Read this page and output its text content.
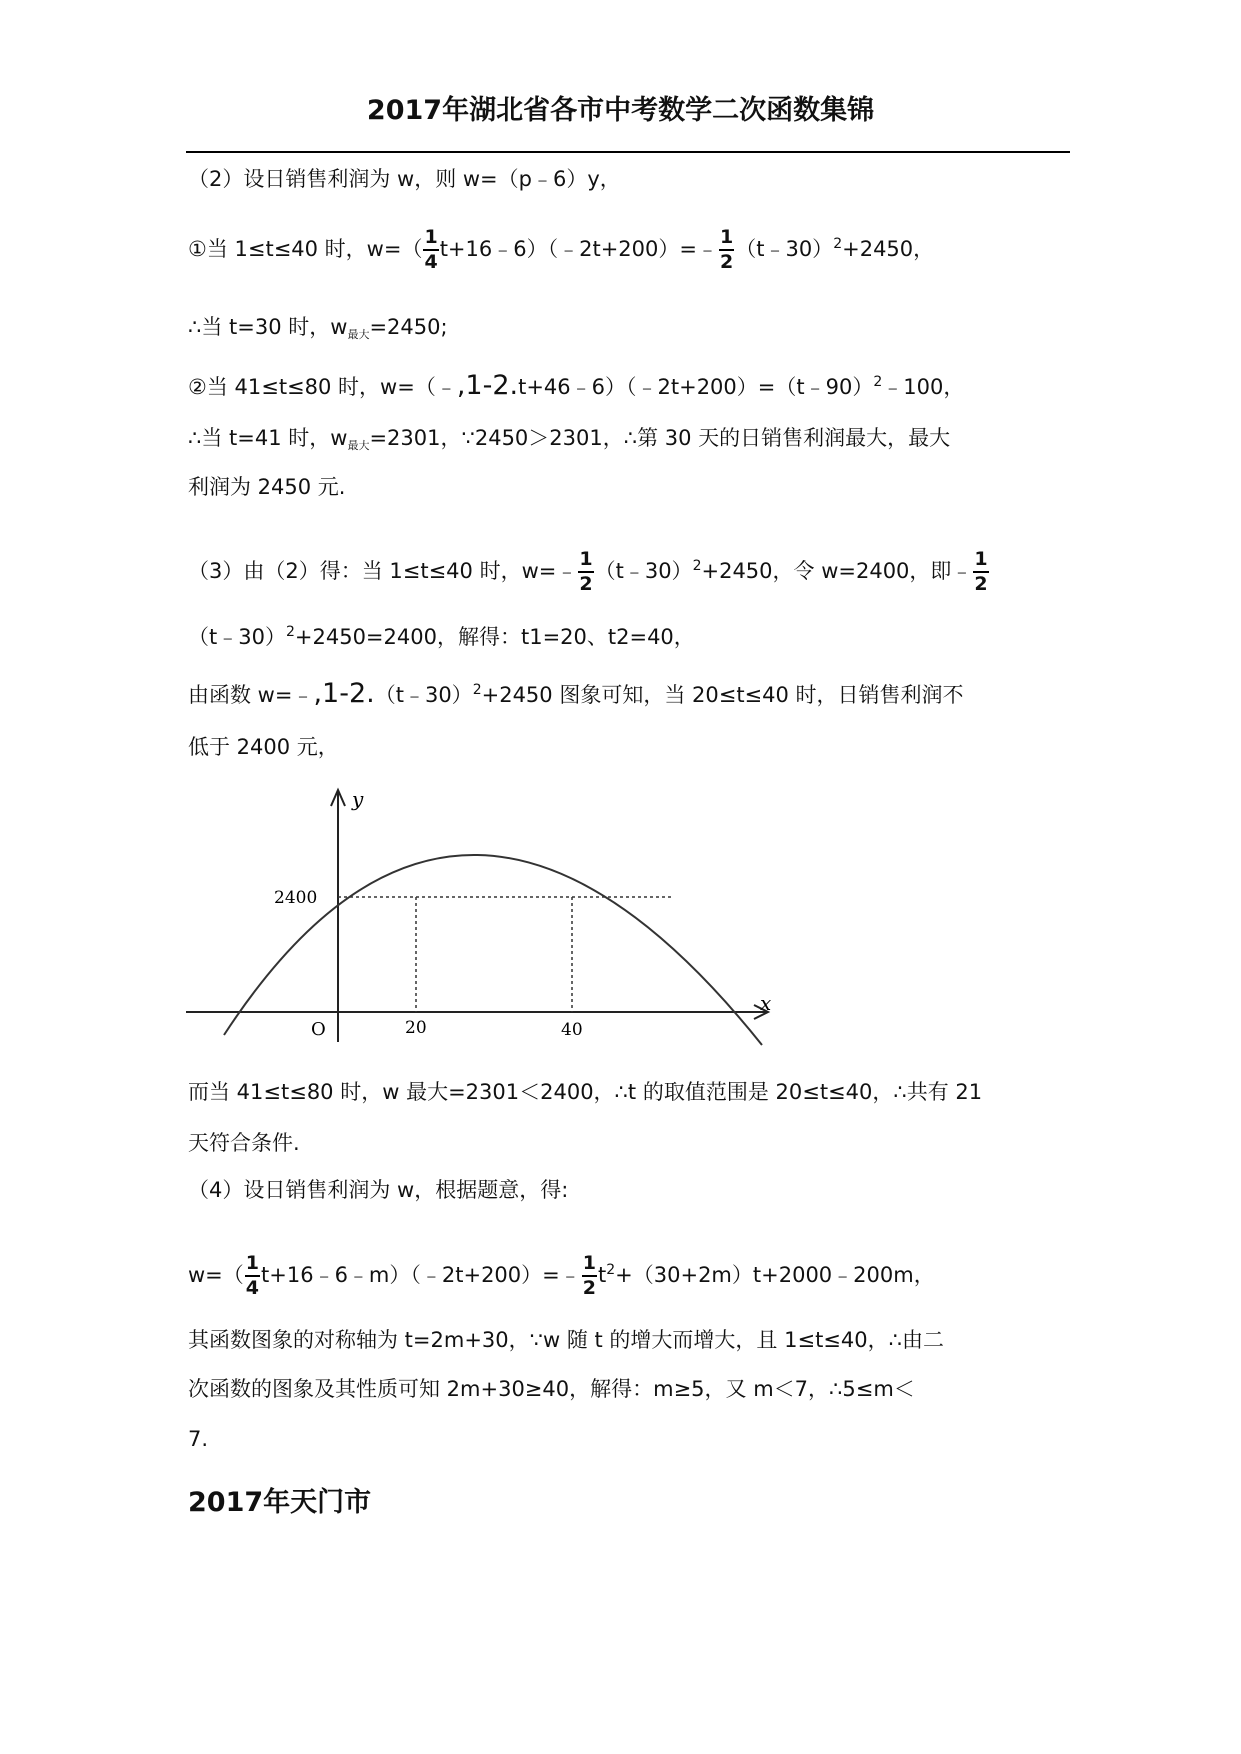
2017年湖北省各市中考数学二次函数集锦
（2）设日销售利润为 w，则 w=（p﹣6）y，
①当 1≤t≤40 时，$w=( \frac{1}{4}$ t+16﹣6）（﹣2t+200）=﹣ $\frac{1}{2}$ （t﹣30）$^2$+2450，
∴当 t=30 时，$w_{最大}=2450$;
②当 41≤t≤80 时，w=（﹣,1-2.t+46﹣6）（﹣2t+200）=（t﹣90）$^2$﹣100，
∴当 t=41 时，$w_{最大}=2301$，∵2450＞2301，∴第 30 天的日销售利润最大，最大
利润为 2450 元.
（3）由（2）得：当 1≤t≤40 时，w=﹣ $\frac{1}{2}$ （t﹣30）$^2$+2450，令 w=2400，即﹣ $\frac{1}{2}$
（t﹣30）$^2$+2450=2400，解得：t1=20、t2=40，
由函数 w=﹣,1-2.（t﹣30）$^2$+2450 图象可知，当 20≤t≤40 时，日销售利润不
低于 2400 元，
y
x
O
2400
20	40
而当 41≤t≤80 时，w 最大=2301＜2400，∴t 的取值范围是 20≤t≤40，∴共有 21
天符合条件.
（4）设日销售利润为 w，根据题意，得:
$w=( \frac{1}{4}$ t+16﹣6﹣m）（﹣2t+200）=﹣ $\frac{1}{2}$ $t^2+(30+2m)t+2000﹣200m$，
其函数图象的对称轴为 t=2m+30，∵w 随 t 的增大而增大，且 1≤t≤40，∴由二
次函数的图象及其性质可知 2m+30≥40，解得：m≥5，又 m＜7，∴5≤m＜
7.
2017年天门市
